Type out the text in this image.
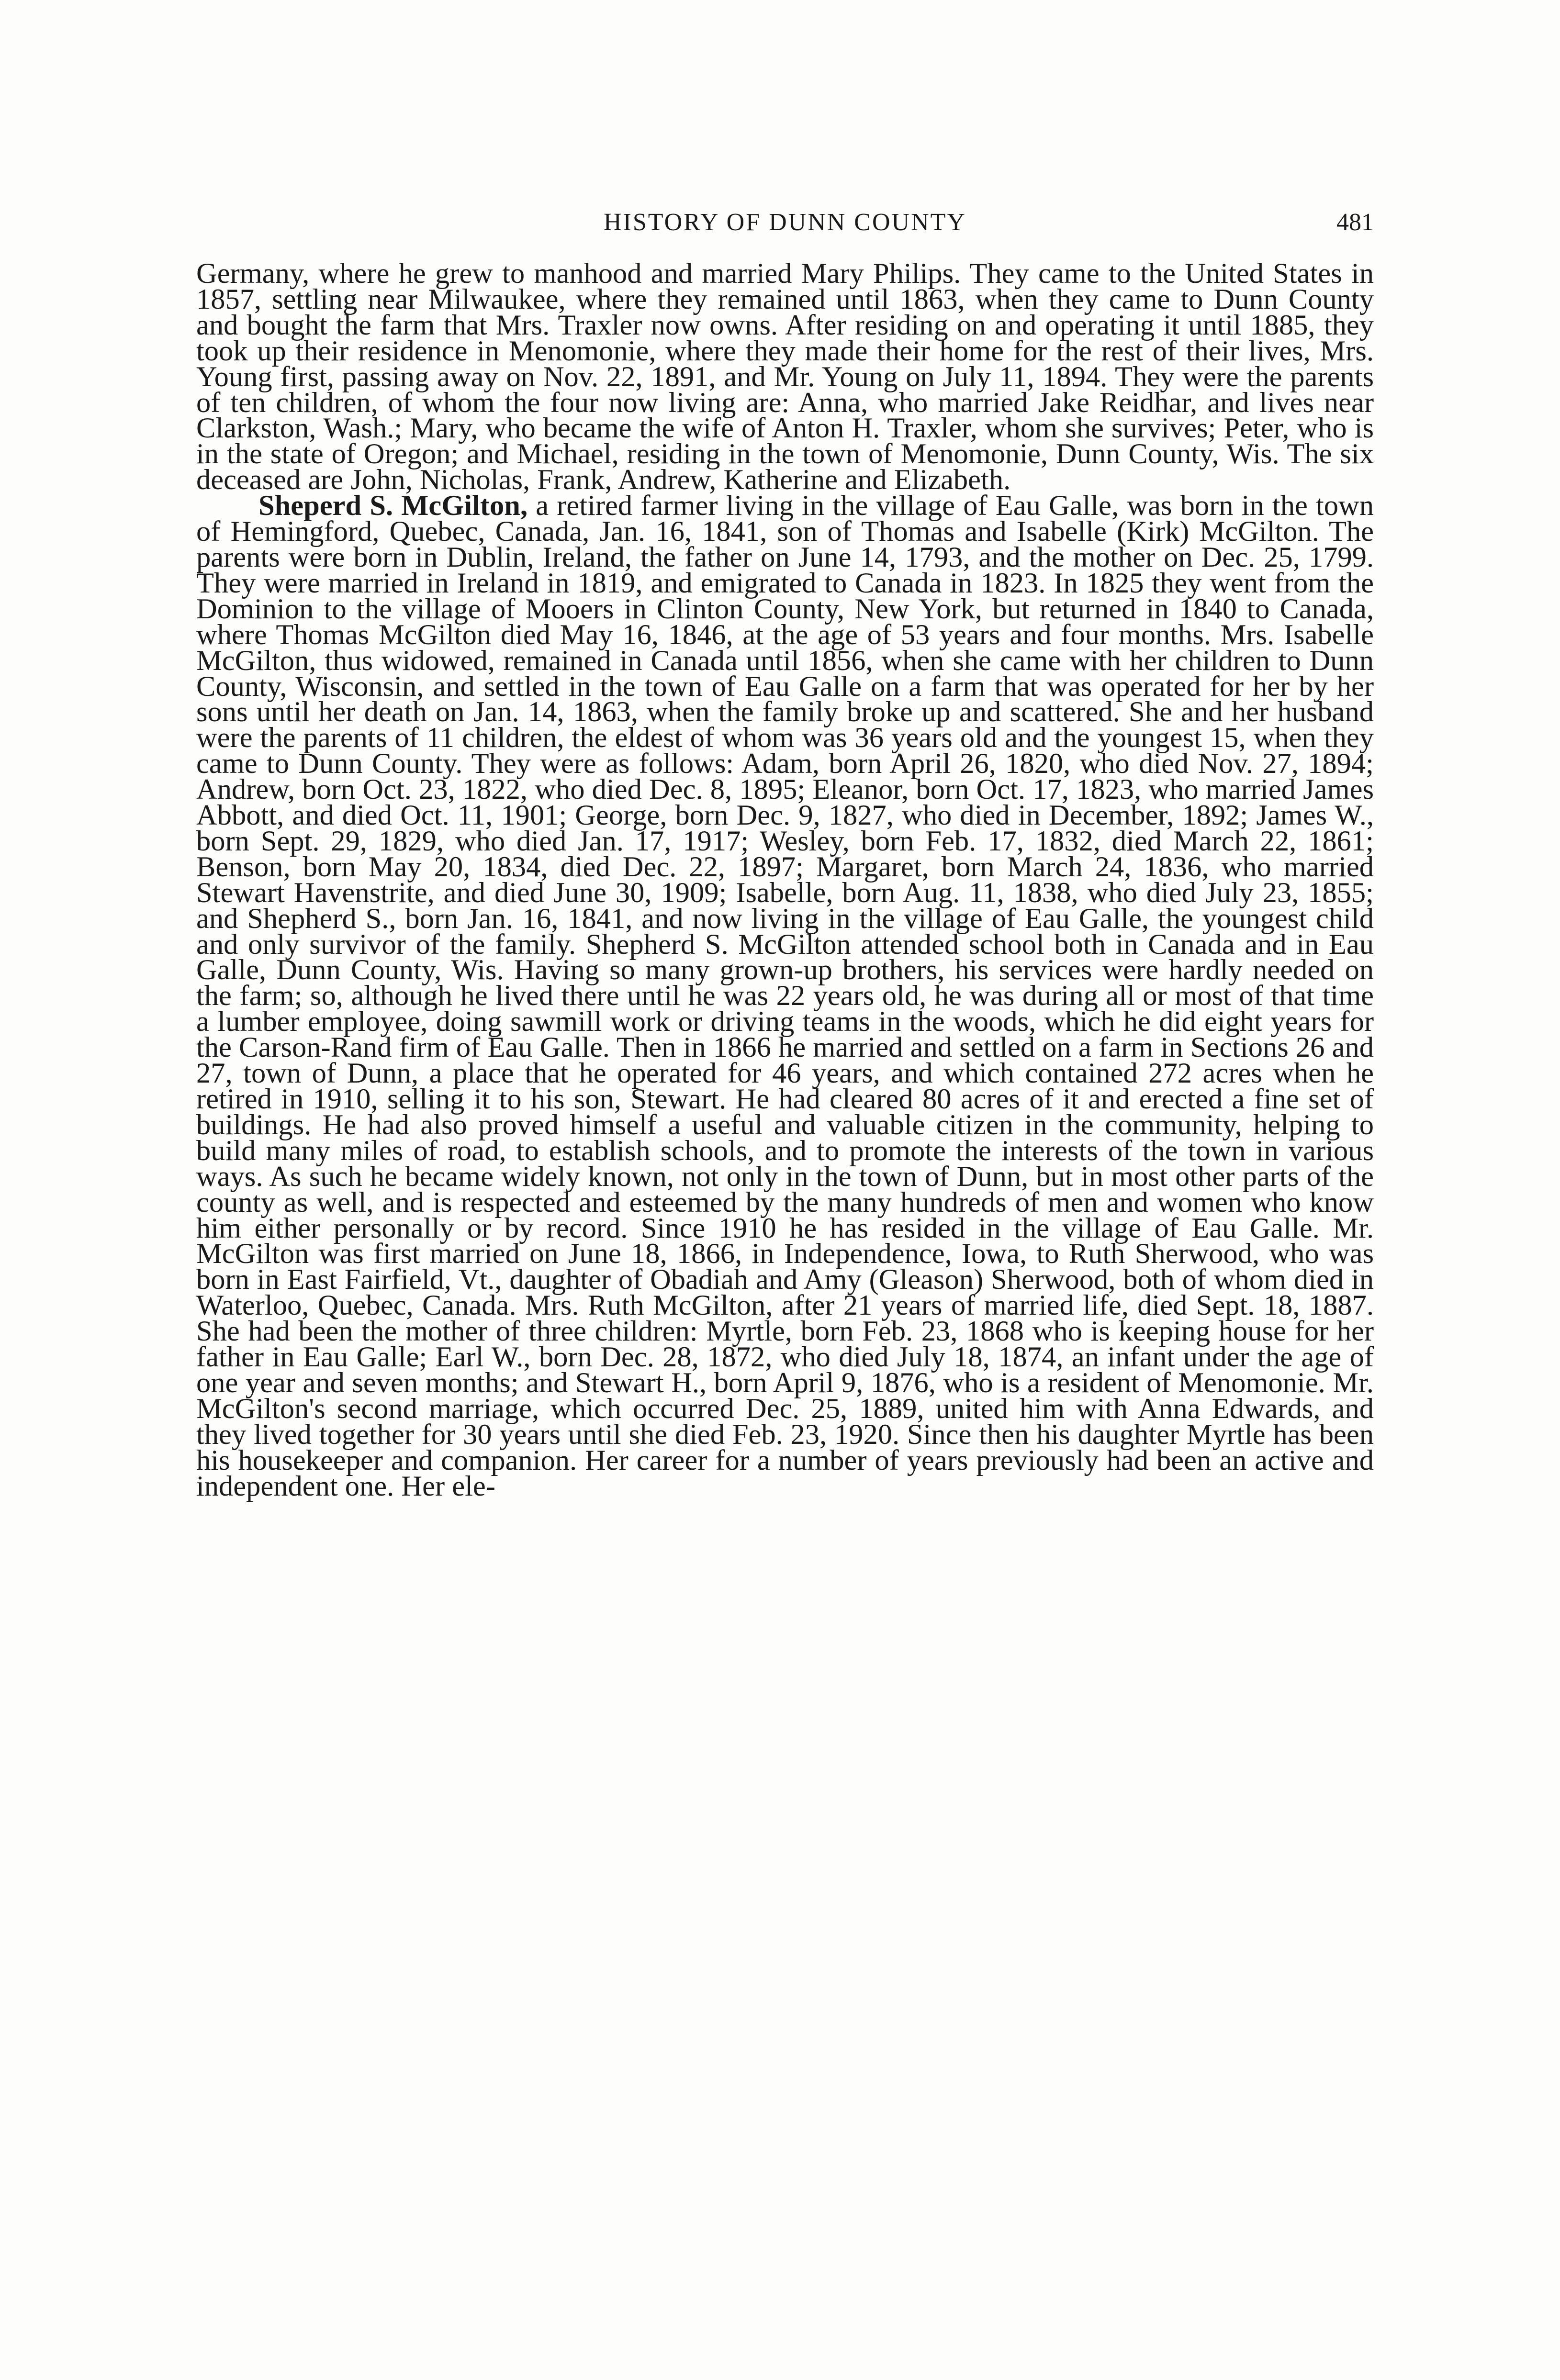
HISTORY OF DUNN COUNTY	481

Germany, where he grew to manhood and married Mary Philips. They came to the United States in 1857, settling near Milwaukee, where they remained until 1863, when they came to Dunn County and bought the farm that Mrs. Traxler now owns. After residing on and operating it until 1885, they took up their residence in Menomonie, where they made their home for the rest of their lives, Mrs. Young first, passing away on Nov. 22, 1891, and Mr. Young on July 11, 1894. They were the parents of ten children, of whom the four now living are: Anna, who married Jake Reidhar, and lives near Clarkston, Wash.; Mary, who became the wife of Anton H. Traxler, whom she survives; Peter, who is in the state of Oregon; and Michael, residing in the town of Menomonie, Dunn County, Wis. The six deceased are John, Nicholas, Frank, Andrew, Katherine and Elizabeth.

Sheperd S. McGilton, a retired farmer living in the village of Eau Galle, was born in the town of Hemingford, Quebec, Canada, Jan. 16, 1841, son of Thomas and Isabelle (Kirk) McGilton. The parents were born in Dublin, Ireland, the father on June 14, 1793, and the mother on Dec. 25, 1799. They were married in Ireland in 1819, and emigrated to Canada in 1823. In 1825 they went from the Dominion to the village of Mooers in Clinton County, New York, but returned in 1840 to Canada, where Thomas McGilton died May 16, 1846, at the age of 53 years and four months. Mrs. Isabelle McGilton, thus widowed, remained in Canada until 1856, when she came with her children to Dunn County, Wisconsin, and settled in the town of Eau Galle on a farm that was operated for her by her sons until her death on Jan. 14, 1863, when the family broke up and scattered. She and her husband were the parents of 11 children, the eldest of whom was 36 years old and the youngest 15, when they came to Dunn County. They were as follows: Adam, born April 26, 1820, who died Nov. 27, 1894; Andrew, born Oct. 23, 1822, who died Dec. 8, 1895; Eleanor, born Oct. 17, 1823, who married James Abbott, and died Oct. 11, 1901; George, born Dec. 9, 1827, who died in December, 1892; James W., born Sept. 29, 1829, who died Jan. 17, 1917; Wesley, born Feb. 17, 1832, died March 22, 1861; Benson, born May 20, 1834, died Dec. 22, 1897; Margaret, born March 24, 1836, who married Stewart Havenstrite, and died June 30, 1909; Isabelle, born Aug. 11, 1838, who died July 23, 1855; and Shepherd S., born Jan. 16, 1841, and now living in the village of Eau Galle, the youngest child and only survivor of the family. Shepherd S. McGilton attended school both in Canada and in Eau Galle, Dunn County, Wis. Having so many grown-up brothers, his services were hardly needed on the farm; so, although he lived there until he was 22 years old, he was during all or most of that time a lumber employee, doing sawmill work or driving teams in the woods, which he did eight years for the Carson-Rand firm of Eau Galle. Then in 1866 he married and settled on a farm in Sections 26 and 27, town of Dunn, a place that he operated for 46 years, and which contained 272 acres when he retired in 1910, selling it to his son, Stewart. He had cleared 80 acres of it and erected a fine set of buildings. He had also proved himself a useful and valuable citizen in the community, helping to build many miles of road, to establish schools, and to promote the interests of the town in various ways. As such he became widely known, not only in the town of Dunn, but in most other parts of the county as well, and is respected and esteemed by the many hundreds of men and women who know him either personally or by record. Since 1910 he has resided in the village of Eau Galle. Mr. McGilton was first married on June 18, 1866, in Independence, Iowa, to Ruth Sherwood, who was born in East Fairfield, Vt., daughter of Obadiah and Amy (Gleason) Sherwood, both of whom died in Waterloo, Quebec, Canada. Mrs. Ruth McGilton, after 21 years of married life, died Sept. 18, 1887. She had been the mother of three children: Myrtle, born Feb. 23, 1868 who is keeping house for her father in Eau Galle; Earl W., born Dec. 28, 1872, who died July 18, 1874, an infant under the age of one year and seven months; and Stewart H., born April 9, 1876, who is a resident of Menomonie. Mr. McGilton's second marriage, which occurred Dec. 25, 1889, united him with Anna Edwards, and they lived together for 30 years until she died Feb. 23, 1920. Since then his daughter Myrtle has been his housekeeper and companion. Her career for a number of years previously had been an active and independent one. Her ele-
